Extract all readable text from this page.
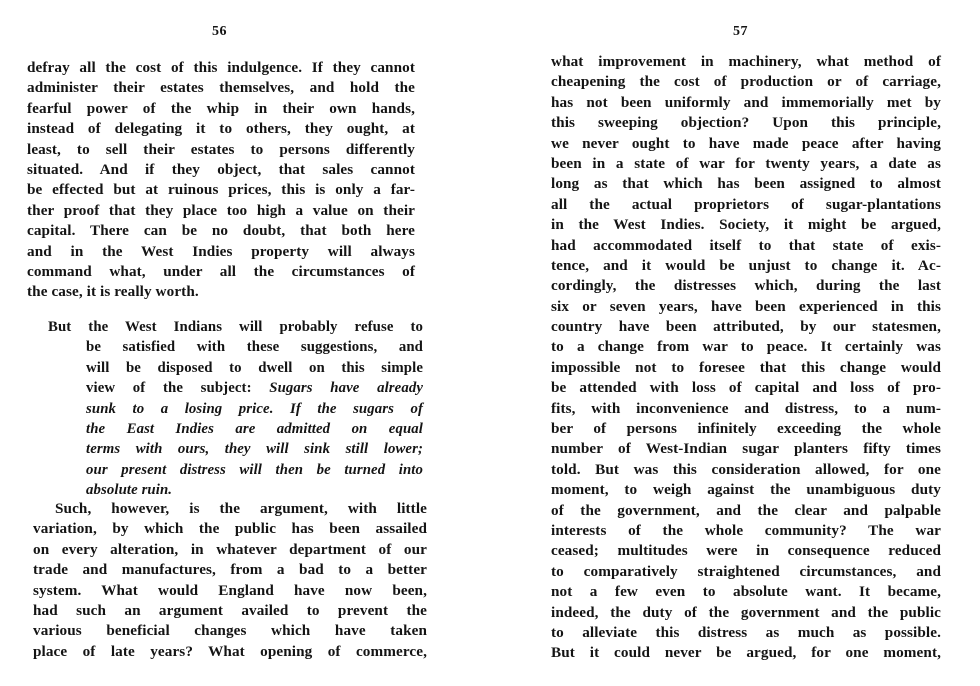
56
defray all the cost of this indulgence. If they cannot
administer their estates themselves, and hold the
fearful power of the whip in their own hands,
instead of delegating it to others, they ought, at
least, to sell their estates to persons differently
situated. And if they object, that sales cannot
be effected but at ruinous prices, this is only a far-
ther proof that they place too high a value on their
capital. There can be no doubt, that both here
and in the West Indies property will always
command what, under all the circumstances of
the case, it is really worth.
But the West Indians will probably refuse to
be satisfied with these suggestions, and
will be disposed to dwell on this simple
view of the subject: Sugars have already
sunk to a losing price. If the sugars of
the East Indies are admitted on equal
terms with ours, they will sink still lower;
our present distress will then be turned into
absolute ruin.
Such, however, is the argument, with little
variation, by which the public has been assailed
on every alteration, in whatever department of our
trade and manufactures, from a bad to a better
system. What would England have now been,
had such an argument availed to prevent the
various beneficial changes which have taken
place of late years? What opening of commerce,
57
what improvement in machinery, what method of
cheapening the cost of production or of carriage,
has not been uniformly and immemorially met by
this sweeping objection? Upon this principle,
we never ought to have made peace after having
been in a state of war for twenty years, a date as
long as that which has been assigned to almost
all the actual proprietors of sugar-plantations
in the West Indies. Society, it might be argued,
had accommodated itself to that state of exis-
tence, and it would be unjust to change it. Ac-
cordingly, the distresses which, during the last
six or seven years, have been experienced in this
country have been attributed, by our statesmen,
to a change from war to peace. It certainly was
impossible not to foresee that this change would
be attended with loss of capital and loss of pro-
fits, with inconvenience and distress, to a num-
ber of persons infinitely exceeding the whole
number of West-Indian sugar planters fifty times
told. But was this consideration allowed, for one
moment, to weigh against the unambiguous duty
of the government, and the clear and palpable
interests of the whole community? The war
ceased; multitudes were in consequence reduced
to comparatively straightened circumstances, and
not a few even to absolute want. It became,
indeed, the duty of the government and the public
to alleviate this distress as much as possible.
But it could never be argued, for one moment,
